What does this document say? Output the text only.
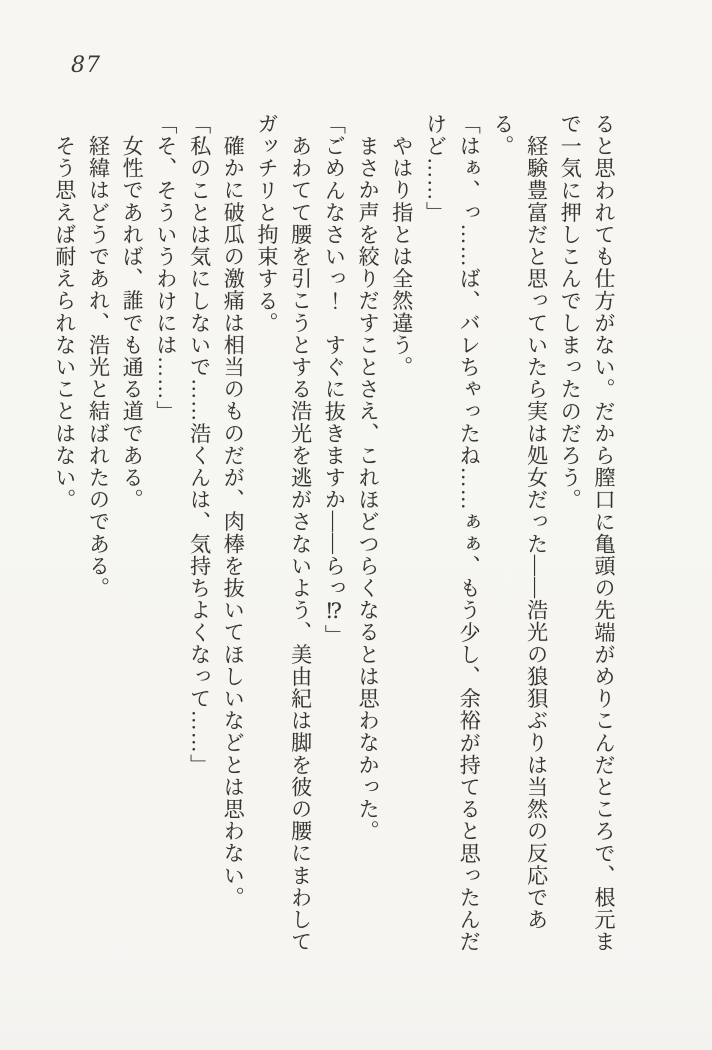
87
ると思われても仕方がない。だから膣口に亀頭の先端がめりこんだところで、根元ま
で一気に押しこんでしまったのだろう。
経験豊富だと思っていたら実は処女だった——浩光の狼狽ぶりは当然の反応であ
る。
「はぁ、っ……ば、バレちゃったね……ぁぁ、もう少し、余裕が持てると思ったんだ
けど……」
やはり指とは全然違う。
まさか声を絞りだすことさえ、これほどつらくなるとは思わなかった。
「ごめんなさいっ！　すぐに抜きますか——らっ⁉」
あわてて腰を引こうとする浩光を逃がさないよう、美由紀は脚を彼の腰にまわして
ガッチリと拘束する。
確かに破瓜の激痛は相当のものだが、肉棒を抜いてほしいなどとは思わない。
「私のことは気にしないで……浩くんは、気持ちよくなって……」
「そ、そういうわけには……」
女性であれば、誰でも通る道である。
経緯はどうであれ、浩光と結ばれたのである。
そう思えば耐えられないことはない。
